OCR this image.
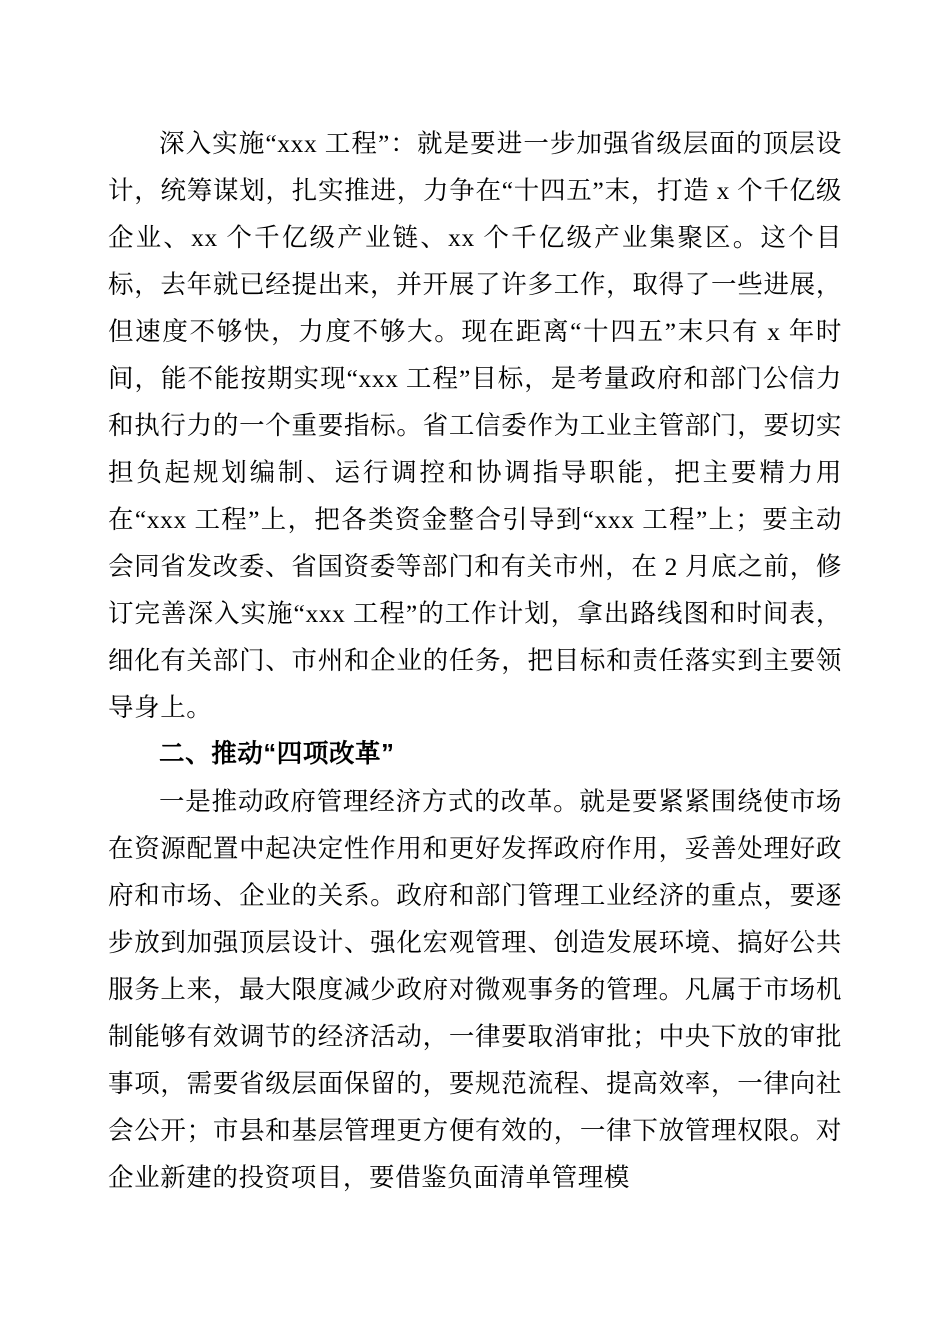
深入实施“xxx 工程”：就是要进一步加强省级层面的顶层设计，统筹谋划，扎实推进，力争在“十四五”末，打造 x 个千亿级企业、xx 个千亿级产业链、xx 个千亿级产业集聚区。这个目标，去年就已经提出来，并开展了许多工作，取得了一些进展，但速度不够快，力度不够大。现在距离“十四五”末只有 x 年时间，能不能按期实现“xxx 工程”目标，是考量政府和部门公信力和执行力的一个重要指标。省工信委作为工业主管部门，要切实担负起规划编制、运行调控和协调指导职能，把主要精力用在“xxx 工程”上，把各类资金整合引导到“xxx 工程”上；要主动会同省发改委、省国资委等部门和有关市州，在 2 月底之前，修订完善深入实施“xxx 工程”的工作计划，拿出路线图和时间表，细化有关部门、市州和企业的任务，把目标和责任落实到主要领导身上。

二、推动“四项改革”

一是推动政府管理经济方式的改革。就是要紧紧围绕使市场在资源配置中起决定性作用和更好发挥政府作用，妥善处理好政府和市场、企业的关系。政府和部门管理工业经济的重点，要逐步放到加强顶层设计、强化宏观管理、创造发展环境、搞好公共服务上来，最大限度减少政府对微观事务的管理。凡属于市场机制能够有效调节的经济活动，一律要取消审批；中央下放的审批事项，需要省级层面保留的，要规范流程、提高效率，一律向社会公开；市县和基层管理更方便有效的，一律下放管理权限。对企业新建的投资项目，要借鉴负面清单管理模
